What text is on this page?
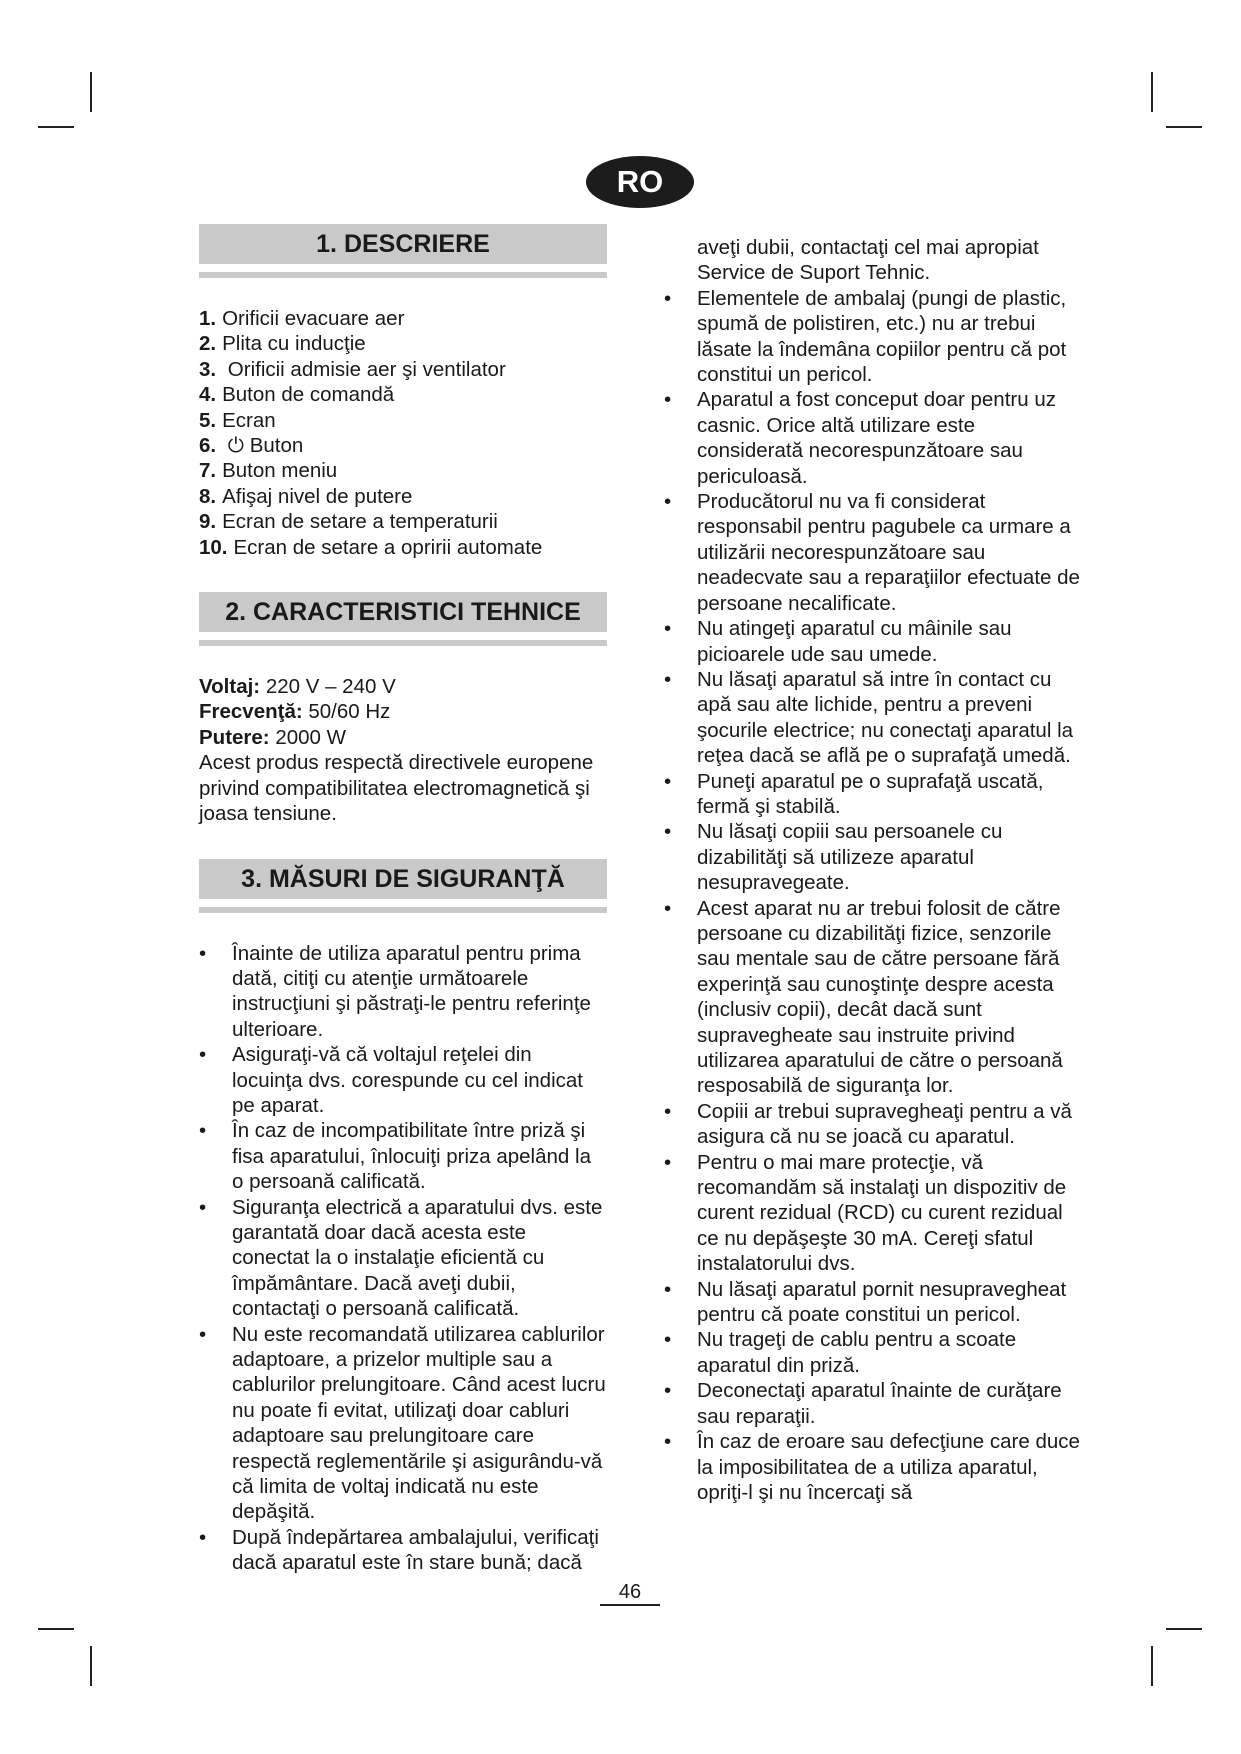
RO
1. DESCRIERE
1. Orificii evacuare aer
2. Plita cu inducţie
3. Orificii admisie aer şi ventilator
4. Buton de comandă
5. Ecran
6. ⏻ Buton
7. Buton meniu
8. Afişaj nivel de putere
9. Ecran de setare a temperaturii
10. Ecran de setare a opririi automate
2. CARACTERISTICI TEHNICE
Voltaj: 220 V – 240 V
Frecvenţă: 50/60 Hz
Putere: 2000 W
Acest produs respectă directivele europene privind compatibilitatea electromagnetică şi joasa tensiune.
3. MĂSURI DE SIGURANŢĂ
• Înainte de utiliza aparatul pentru prima dată, citiţi cu atenţie următoarele instrucţiuni şi păstraţi-le pentru referinţe ulterioare.
• Asiguraţi-vă că voltajul reţelei din locuinţa dvs. corespunde cu cel indicat pe aparat.
• În caz de incompatibilitate între priză şi fisa aparatului, înlocuiţi priza apelând la o persoană calificată.
• Siguranţa electrică a aparatului dvs. este garantată doar dacă acesta este conectat la o instalaţie eficientă cu împământare. Dacă aveţi dubii, contactaţi o persoană calificată.
• Nu este recomandată utilizarea cablurilor adaptoare, a prizelor multiple sau a cablurilor prelungitoare. Când acest lucru nu poate fi evitat, utilizaţi doar cabluri adaptoare sau prelungitoare care respectă reglementările şi asigurându-vă că limita de voltaj indicată nu este depăşită.
• După îndepărtarea ambalajului, verificaţi dacă aparatul este în stare bună; dacă
aveţi dubii, contactaţi cel mai apropiat Service de Suport Tehnic.
• Elementele de ambalaj (pungi de plastic, spumă de polistiren, etc.) nu ar trebui lăsate la îndemâna copiilor pentru că pot constitui un pericol.
• Aparatul a fost conceput doar pentru uz casnic. Orice altă utilizare este considerată necorespunzătoare sau periculoasă.
• Producătorul nu va fi considerat responsabil pentru pagubele ca urmare a utilizării necorespunzătoare sau neadecvate sau a reparaţiilor efectuate de persoane necalificate.
• Nu atingeţi aparatul cu mâinile sau picioarele ude sau umede.
• Nu lăsaţi aparatul să intre în contact cu apă sau alte lichide, pentru a preveni şocurile electrice; nu conectaţi aparatul la reţea dacă se află pe o suprafaţă umedă.
• Puneţi aparatul pe o suprafaţă uscată, fermă şi stabilă.
• Nu lăsaţi copiii sau persoanele cu dizabilităţi să utilizeze aparatul nesupravegeate.
• Acest aparat nu ar trebui folosit de către persoane cu dizabilităţi fizice, senzorile sau mentale sau de către persoane fără experinţă sau cunoştinţe despre acesta (inclusiv copii), decât dacă sunt supravegheate sau instruite privind utilizarea aparatului de către o persoană resposabilă de siguranţa lor.
• Copiii ar trebui supravegheaţi pentru a vă asigura că nu se joacă cu aparatul.
• Pentru o mai mare protecţie, vă recomandăm să instalaţi un dispozitiv de curent rezidual (RCD) cu curent rezidual ce nu depăşeşte 30 mA. Cereţi sfatul instalatorului dvs.
• Nu lăsaţi aparatul pornit nesupravegheat pentru că poate constitui un pericol.
• Nu trageţi de cablu pentru a scoate aparatul din priză.
• Deconectaţi aparatul înainte de curăţare sau reparaţii.
• În caz de eroare sau defecţiune care duce la imposibilitatea de a utiliza aparatul, opriţi-l şi nu încercaţi să
46
